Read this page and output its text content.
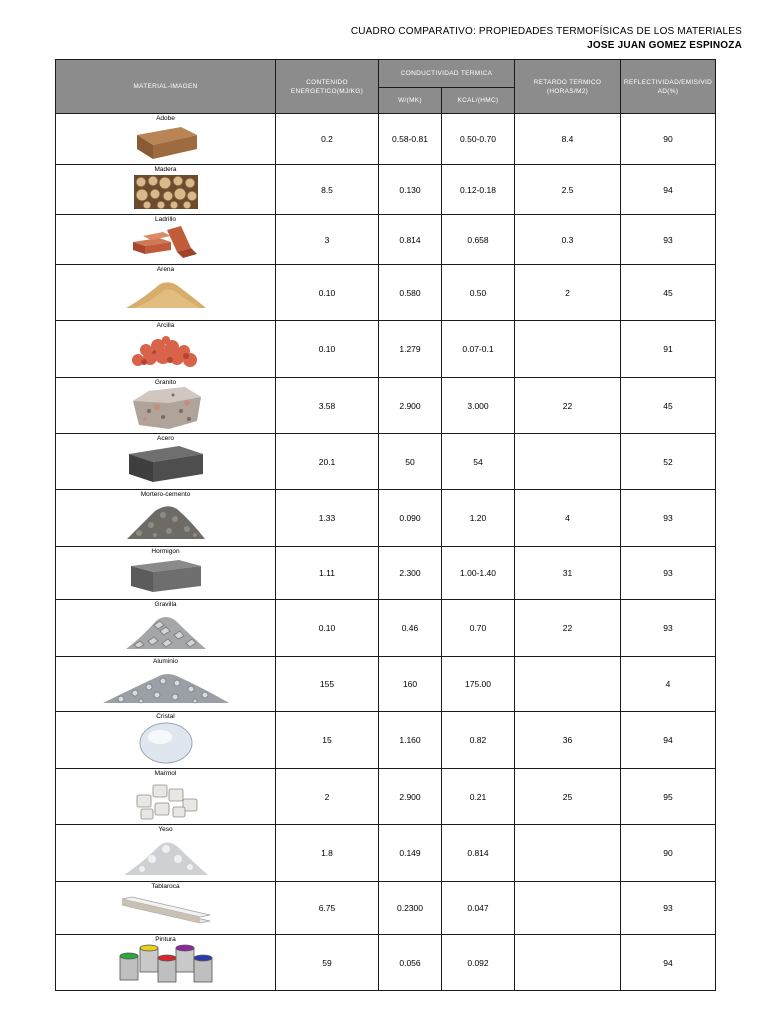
CUADRO COMPARATIVO: PROPIEDADES TERMOFÍSICAS DE LOS MATERIALES
JOSE JUAN GOMEZ ESPINOZA
MATERIAL-IMAGEN	CONTENIDO ENERGETICO(MJ/KG)	CONDUCTIVIDAD TERMICA		RETARDO TERMICO (HORAS/M2)	REFLECTIVIDAD/EMISIVID AD(%)
		W/(MK)	KCAL/(HMC)		

Adobe	0.2	0.58-0.81	0.50-0.70	8.4	90

Madera	8.5	0.130	0.12-0.18	2.5	94

Ladrillo	3	0.814	0.658	0.3	93

Arena	0.10	0.580	0.50	2	45

Arcilla	0.10	1.279	0.07-0.1		91

Granito	3.58	2.900	3.000	22	45

Acero	20.1	50	54		52

Mortero-cemento	1.33	0.090	1.20	4	93

Hormigon	1.11	2.300	1.00-1.40	31	93

Gravilla	0.10	0.46	0.70	22	93

Aluminio	155	160	175.00		4

Cristal	15	1.160	0.82	36	94

Marmol	2	2.900	0.21	25	95

Yeso	1.8	0.149	0.814		90

Tablaroca	6.75	0.2300	0.047		93

Pintura	59	0.056	0.092		94
